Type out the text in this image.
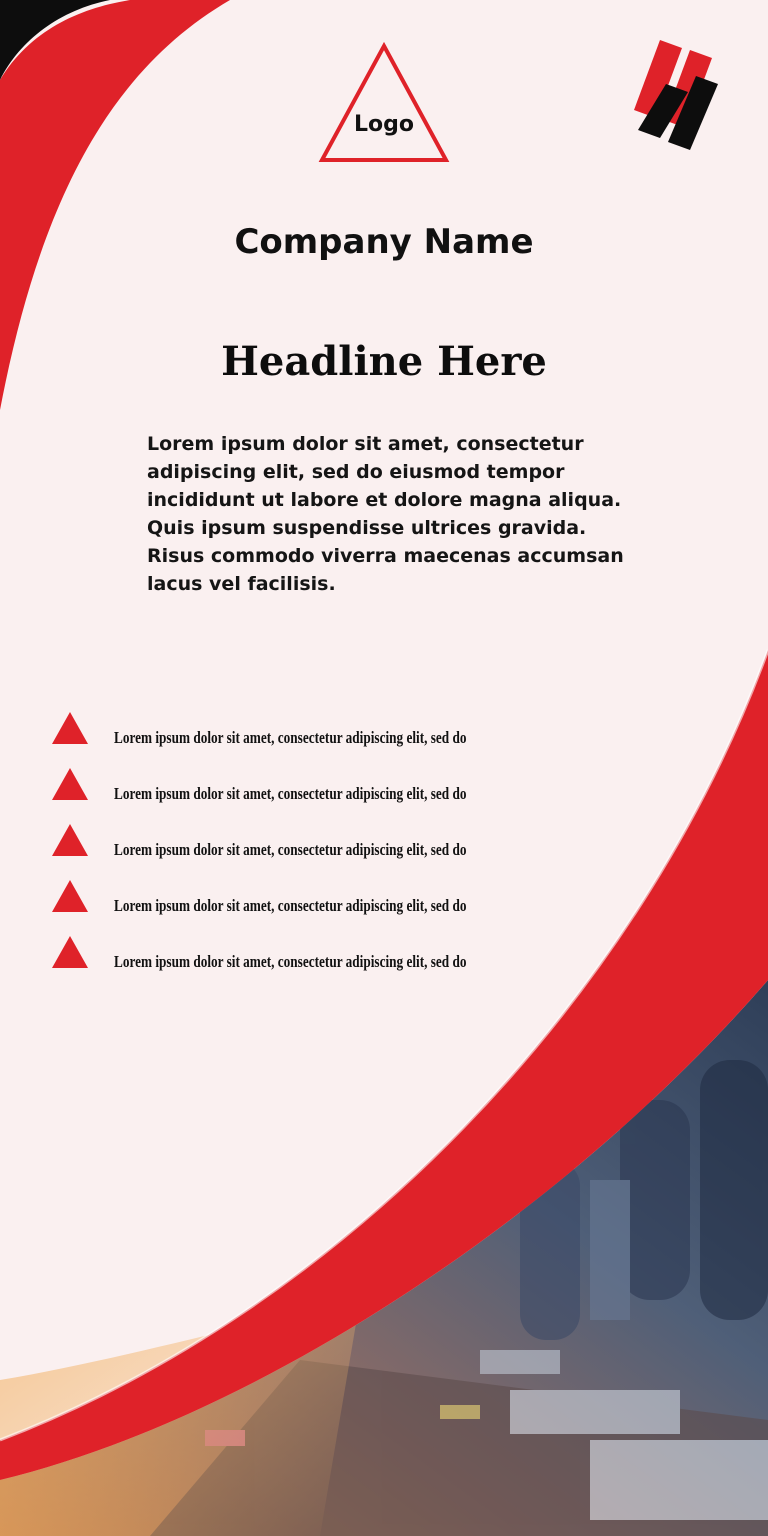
Logo
Company Name
Headline Here
Lorem ipsum dolor sit amet, consectetur adipiscing elit, sed do eiusmod tempor incididunt ut labore et dolore magna aliqua. Quis ipsum suspendisse ultrices gravida. Risus commodo viverra maecenas accumsan lacus vel facilisis.
Lorem ipsum dolor sit amet, consectetur adipiscing elit, sed do
Lorem ipsum dolor sit amet, consectetur adipiscing elit, sed do
Lorem ipsum dolor sit amet, consectetur adipiscing elit, sed do
Lorem ipsum dolor sit amet, consectetur adipiscing elit, sed do
Lorem ipsum dolor sit amet, consectetur adipiscing elit, sed do
